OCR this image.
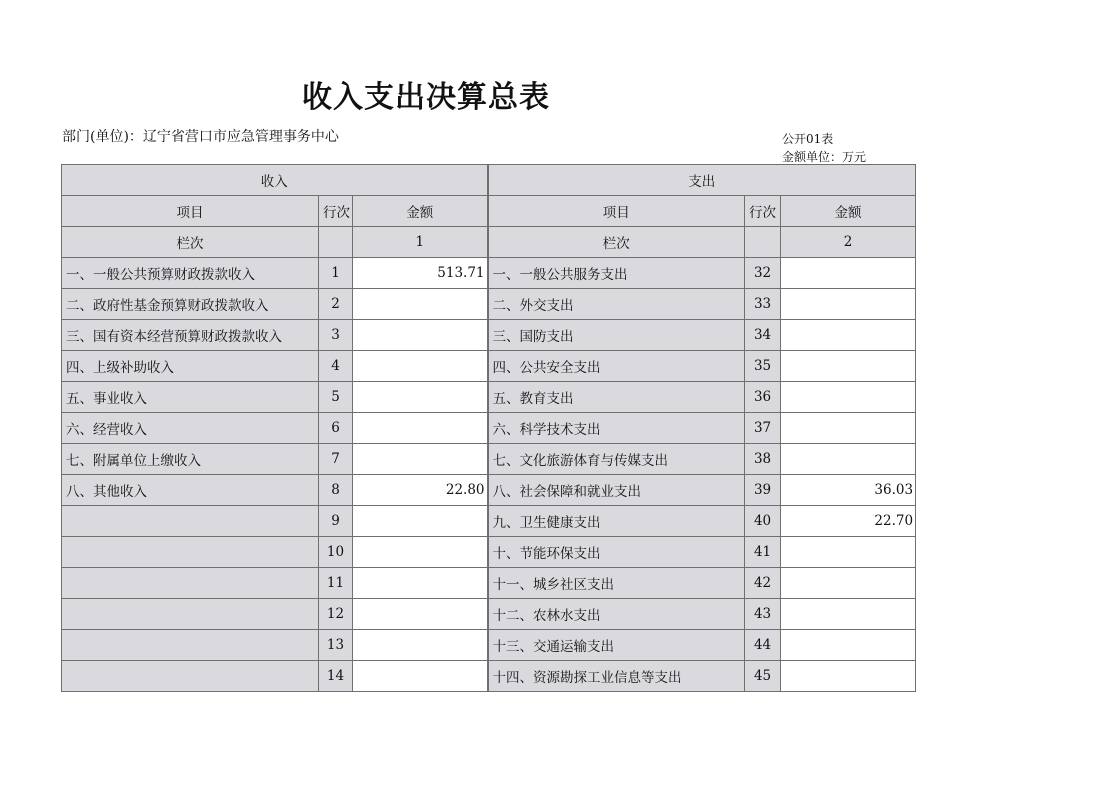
收入支出决算总表
部门(单位)：辽宁省营口市应急管理事务中心	公开01表
金额单位：万元
收入			支出		
项目	行次	金额	项目	行次	金额
栏次		1	栏次		2
一、一般公共预算财政拨款收入	1	513.71	一、一般公共服务支出	32	
二、政府性基金预算财政拨款收入	2		二、外交支出	33	
三、国有资本经营预算财政拨款收入	3		三、国防支出	34	
四、上级补助收入	4		四、公共安全支出	35	
五、事业收入	5		五、教育支出	36	
六、经营收入	6		六、科学技术支出	37	
七、附属单位上缴收入	7		七、文化旅游体育与传媒支出	38	
八、其他收入	8	22.80	八、社会保障和就业支出	39	36.03
	9		九、卫生健康支出	40	22.70
	10		十、节能环保支出	41	
	11		十一、城乡社区支出	42	
	12		十二、农林水支出	43	
	13		十三、交通运输支出	44	
	14		十四、资源勘探工业信息等支出	45	
